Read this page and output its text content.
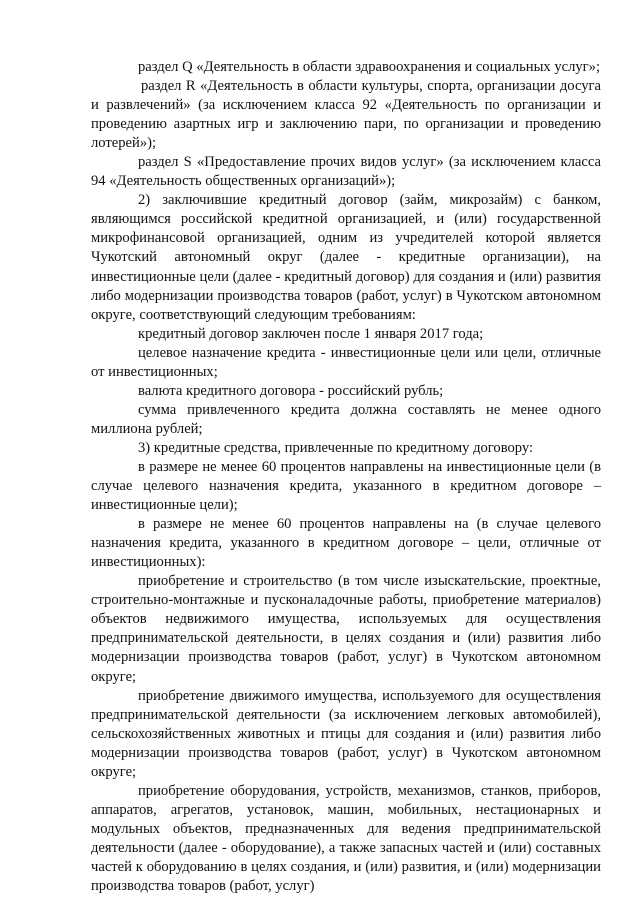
раздел Q «Деятельность в области здравоохранения и социальных услуг»;

раздел R «Деятельность в области культуры, спорта, организации досуга и развлечений» (за исключением класса 92 «Деятельность по организации и проведению азартных игр и заключению пари, по организации и проведению лотерей»);

раздел S «Предоставление прочих видов услуг» (за исключением класса 94 «Деятельность общественных организаций»);

2) заключившие кредитный договор (займ, микрозайм) с банком, являющимся российской кредитной организацией, и (или) государственной микрофинансовой организацией, одним из учредителей которой является Чукотский автономный округ (далее - кредитные организации), на инвестиционные цели (далее - кредитный договор) для создания и (или) развития либо модернизации производства товаров (работ, услуг) в Чукотском автономном округе, соответствующий следующим требованиям:

кредитный договор заключен после 1 января 2017 года;

целевое назначение кредита - инвестиционные цели или цели, отличные от инвестиционных;

валюта кредитного договора - российский рубль;

сумма привлеченного кредита должна составлять не менее одного миллиона рублей;

3) кредитные средства, привлеченные по кредитному договору:

в размере не менее 60 процентов направлены на инвестиционные цели (в случае целевого назначения кредита, указанного в кредитном договоре – инвестиционные цели);

в размере не менее 60 процентов направлены на (в случае целевого назначения кредита, указанного в кредитном договоре – цели, отличные от инвестиционных):

приобретение и строительство (в том числе изыскательские, проектные, строительно-монтажные и пусконаладочные работы, приобретение материалов) объектов недвижимого имущества, используемых для осуществления предпринимательской деятельности, в целях создания и (или) развития либо модернизации производства товаров (работ, услуг) в Чукотском автономном округе;

приобретение движимого имущества, используемого для осуществления предпринимательской деятельности (за исключением легковых автомобилей), сельскохозяйственных животных и птицы для создания и (или) развития либо модернизации производства товаров (работ, услуг) в Чукотском автономном округе;

приобретение оборудования, устройств, механизмов, станков, приборов, аппаратов, агрегатов, установок, машин, мобильных, нестационарных и модульных объектов, предназначенных для ведения предпринимательской деятельности (далее - оборудование), а также запасных частей и (или) составных частей к оборудованию в целях создания, и (или) развития, и (или) модернизации производства товаров (работ, услуг)
